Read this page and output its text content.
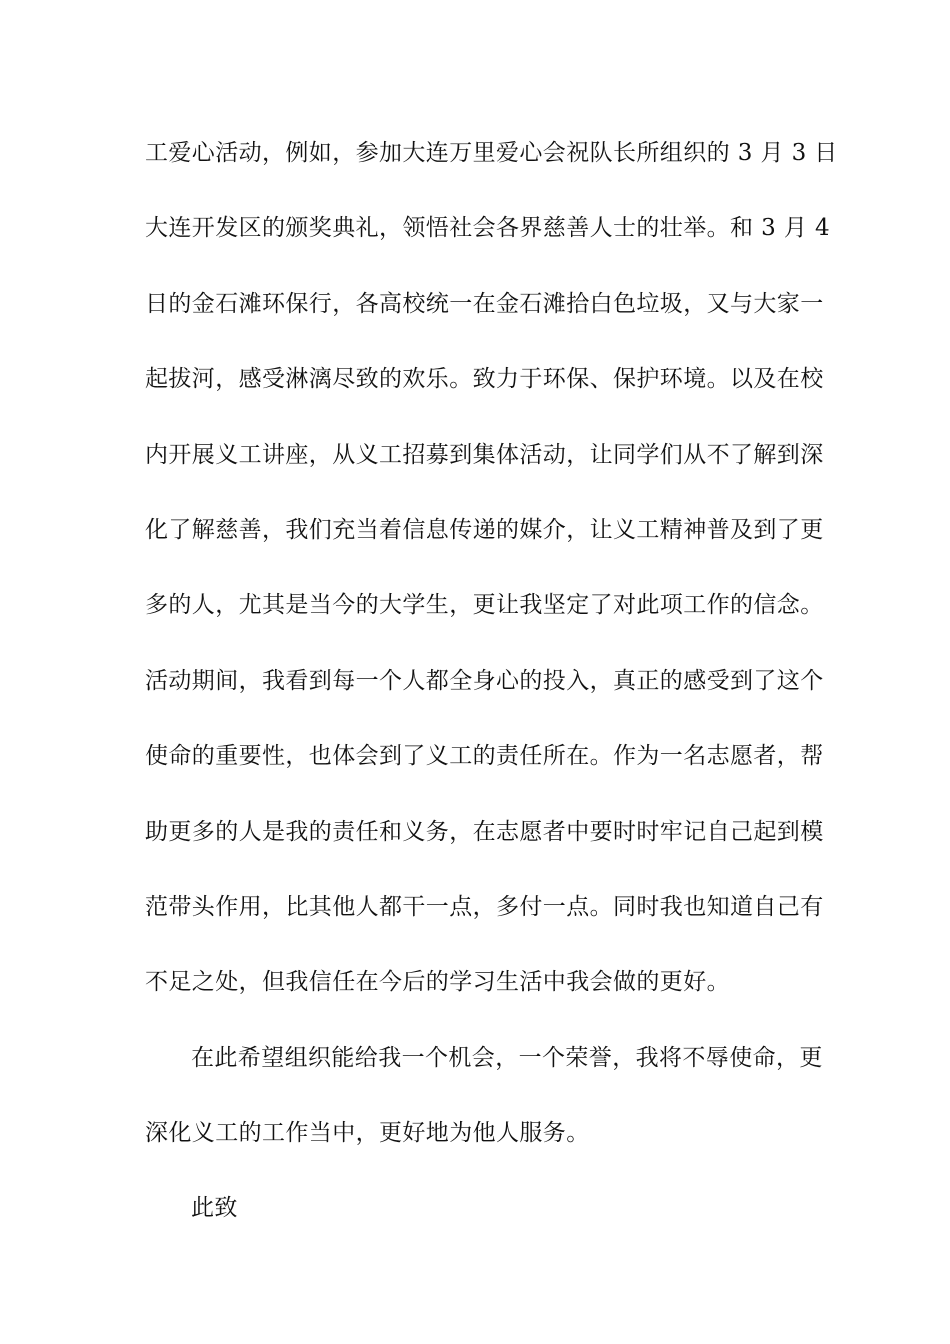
工爱心活动，例如，参加大连万里爱心会祝队长所组织的 3 月 3 日
大连开发区的颁奖典礼，领悟社会各界慈善人士的壮举。和 3 月 4
日的金石滩环保行，各高校统一在金石滩拾白色垃圾，又与大家一
起拔河，感受淋漓尽致的欢乐。致力于环保、保护环境。以及在校
内开展义工讲座，从义工招募到集体活动，让同学们从不了解到深
化了解慈善，我们充当着信息传递的媒介，让义工精神普及到了更
多的人，尤其是当今的大学生，更让我坚定了对此项工作的信念。
活动期间，我看到每一个人都全身心的投入，真正的感受到了这个
使命的重要性，也体会到了义工的责任所在。作为一名志愿者，帮
助更多的人是我的责任和义务，在志愿者中要时时牢记自己起到模
范带头作用，比其他人都干一点，多付一点。同时我也知道自己有
不足之处，但我信任在今后的学习生活中我会做的更好。
在此希望组织能给我一个机会，一个荣誉，我将不辱使命，更
深化义工的工作当中，更好地为他人服务。
此致
